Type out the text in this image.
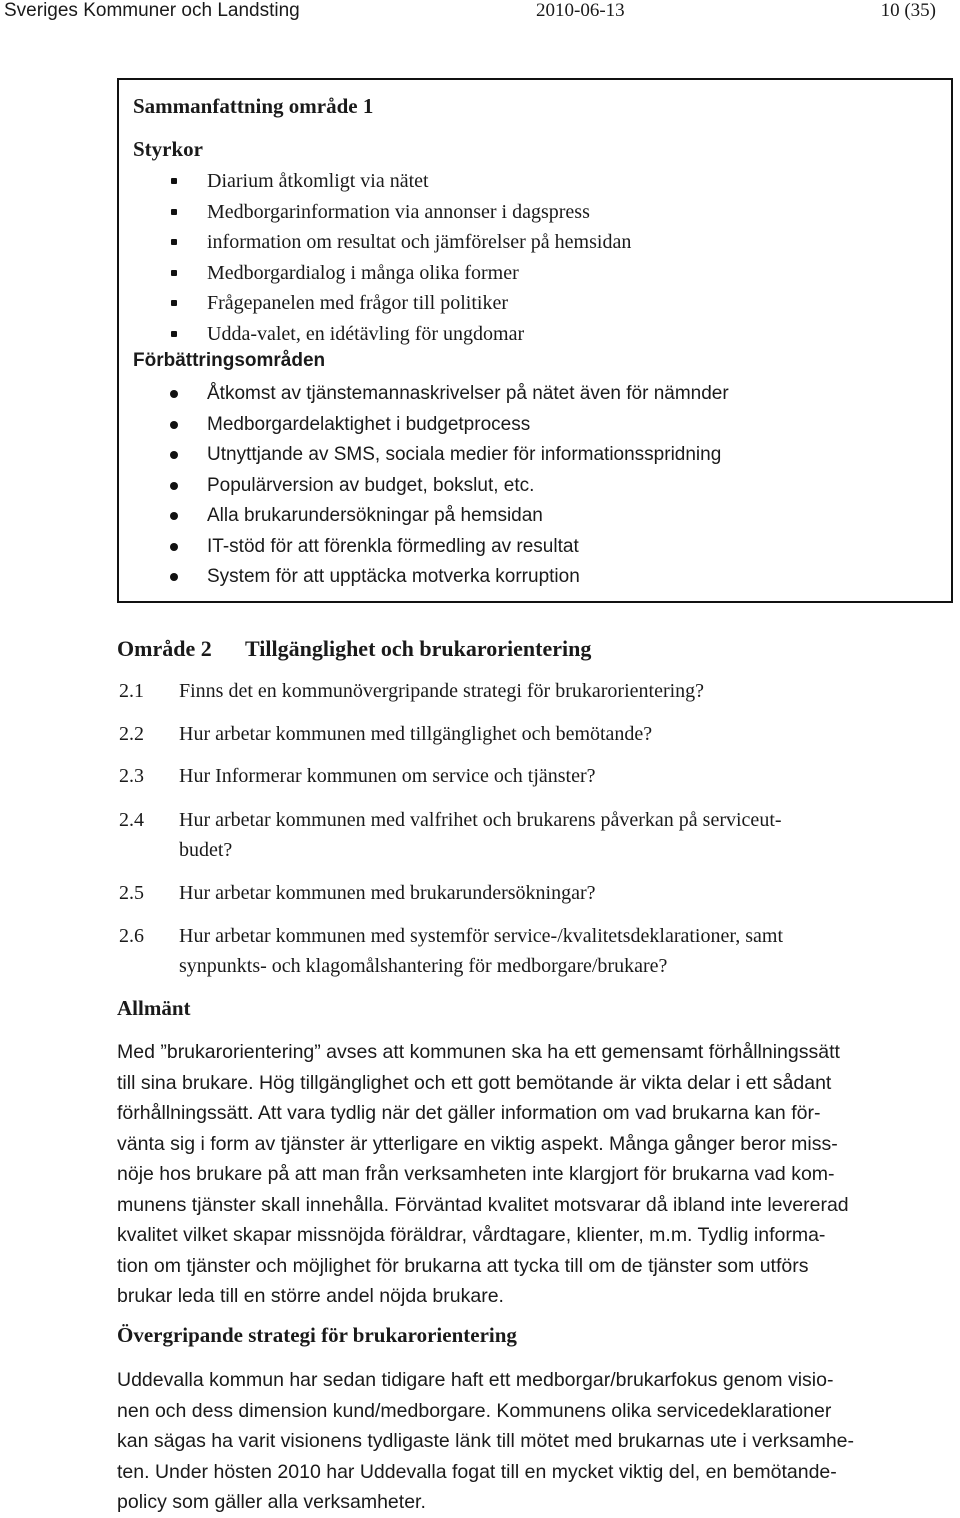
Sveriges Kommuner och Landsting	2010-06-13	10 (35)
Sammanfattning område 1
Styrkor
Diarium åtkomligt via nätet
Medborgarinformation via annonser i dagspress
information om resultat och jämförelser på hemsidan
Medborgardialog i många olika former
Frågepanelen med frågor till politiker
Udda-valet, en idétävling för ungdomar
Förbättringsområden
Åtkomst av tjänstemannaskrivelser på nätet även för nämnder
Medborgardelaktighet i budgetprocess
Utnyttjande av SMS, sociala medier för informationsspridning
Populärversion av budget, bokslut, etc.
Alla brukarundersökningar på hemsidan
IT-stöd för att förenkla förmedling av resultat
System för att upptäcka motverka korruption
Område 2 Tillgänglighet och brukarorientering
2.1 Finns det en kommunövergripande strategi för brukarorientering?
2.2 Hur arbetar kommunen med tillgänglighet och bemötande?
2.3 Hur Informerar kommunen om service och tjänster?
2.4 Hur arbetar kommunen med valfrihet och brukarens påverkan på serviceut-
budet?
2.5 Hur arbetar kommunen med brukarundersökningar?
2.6 Hur arbetar kommunen med systemför service-/kvalitetsdeklarationer, samt
synpunkts- och klagomålshantering för medborgare/brukare?
Allmänt
Med ”brukarorientering” avses att kommunen ska ha ett gemensamt förhållningssätt
till sina brukare. Hög tillgänglighet och ett gott bemötande är vikta delar i ett sådant
förhållningssätt. Att vara tydlig när det gäller information om vad brukarna kan för-
vänta sig i form av tjänster är ytterligare en viktig aspekt. Många gånger beror miss-
nöje hos brukare på att man från verksamheten inte klargjort för brukarna vad kom-
munens tjänster skall innehålla. Förväntad kvalitet motsvarar då ibland inte levererad
kvalitet vilket skapar missnöjda föräldrar, vårdtagare, klienter, m.m. Tydlig informa-
tion om tjänster och möjlighet för brukarna att tycka till om de tjänster som utförs
brukar leda till en större andel nöjda brukare.
Övergripande strategi för brukarorientering
Uddevalla kommun har sedan tidigare haft ett medborgar/brukarfokus genom visio-
nen och dess dimension kund/medborgare. Kommunens olika servicedeklarationer
kan sägas ha varit visionens tydligaste länk till mötet med brukarnas ute i verksamhe-
ten. Under hösten 2010 har Uddevalla fogat till en mycket viktig del, en bemötande-
policy som gäller alla verksamheter.
